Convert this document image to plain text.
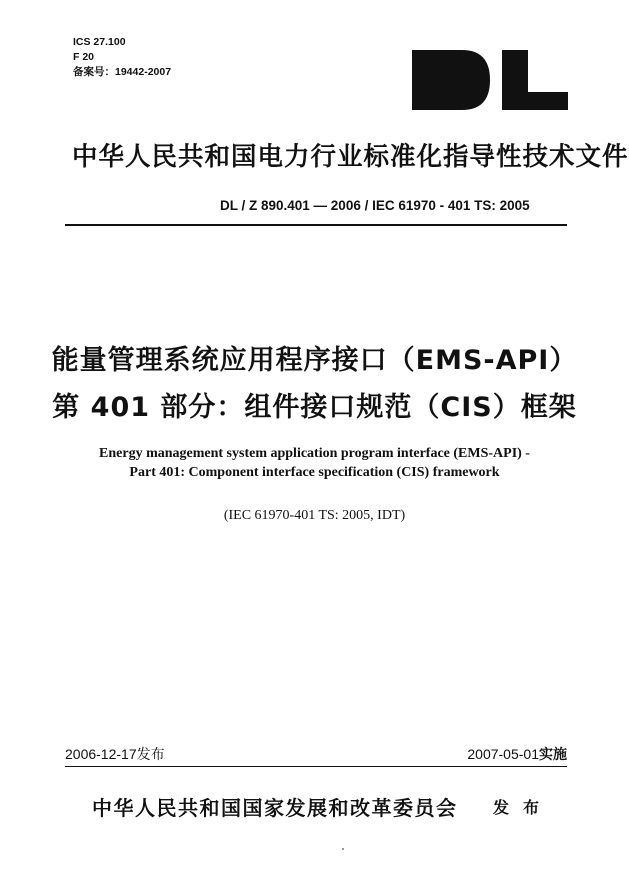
ICS 27.100
F 20
备案号：19442-2007
中华人民共和国电力行业标准化指导性技术文件
DL / Z 890.401 — 2006 / IEC 61970 - 401 TS: 2005
能量管理系统应用程序接口（EMS-API）
第 401 部分：组件接口规范（CIS）框架
Energy management system application program interface (EMS-API) -
Part 401: Component interface specification (CIS) framework
(IEC 61970-401 TS: 2005, IDT)
2006-12-17发布	2007-05-01实施
中华人民共和国国家发展和改革委员会 发布
